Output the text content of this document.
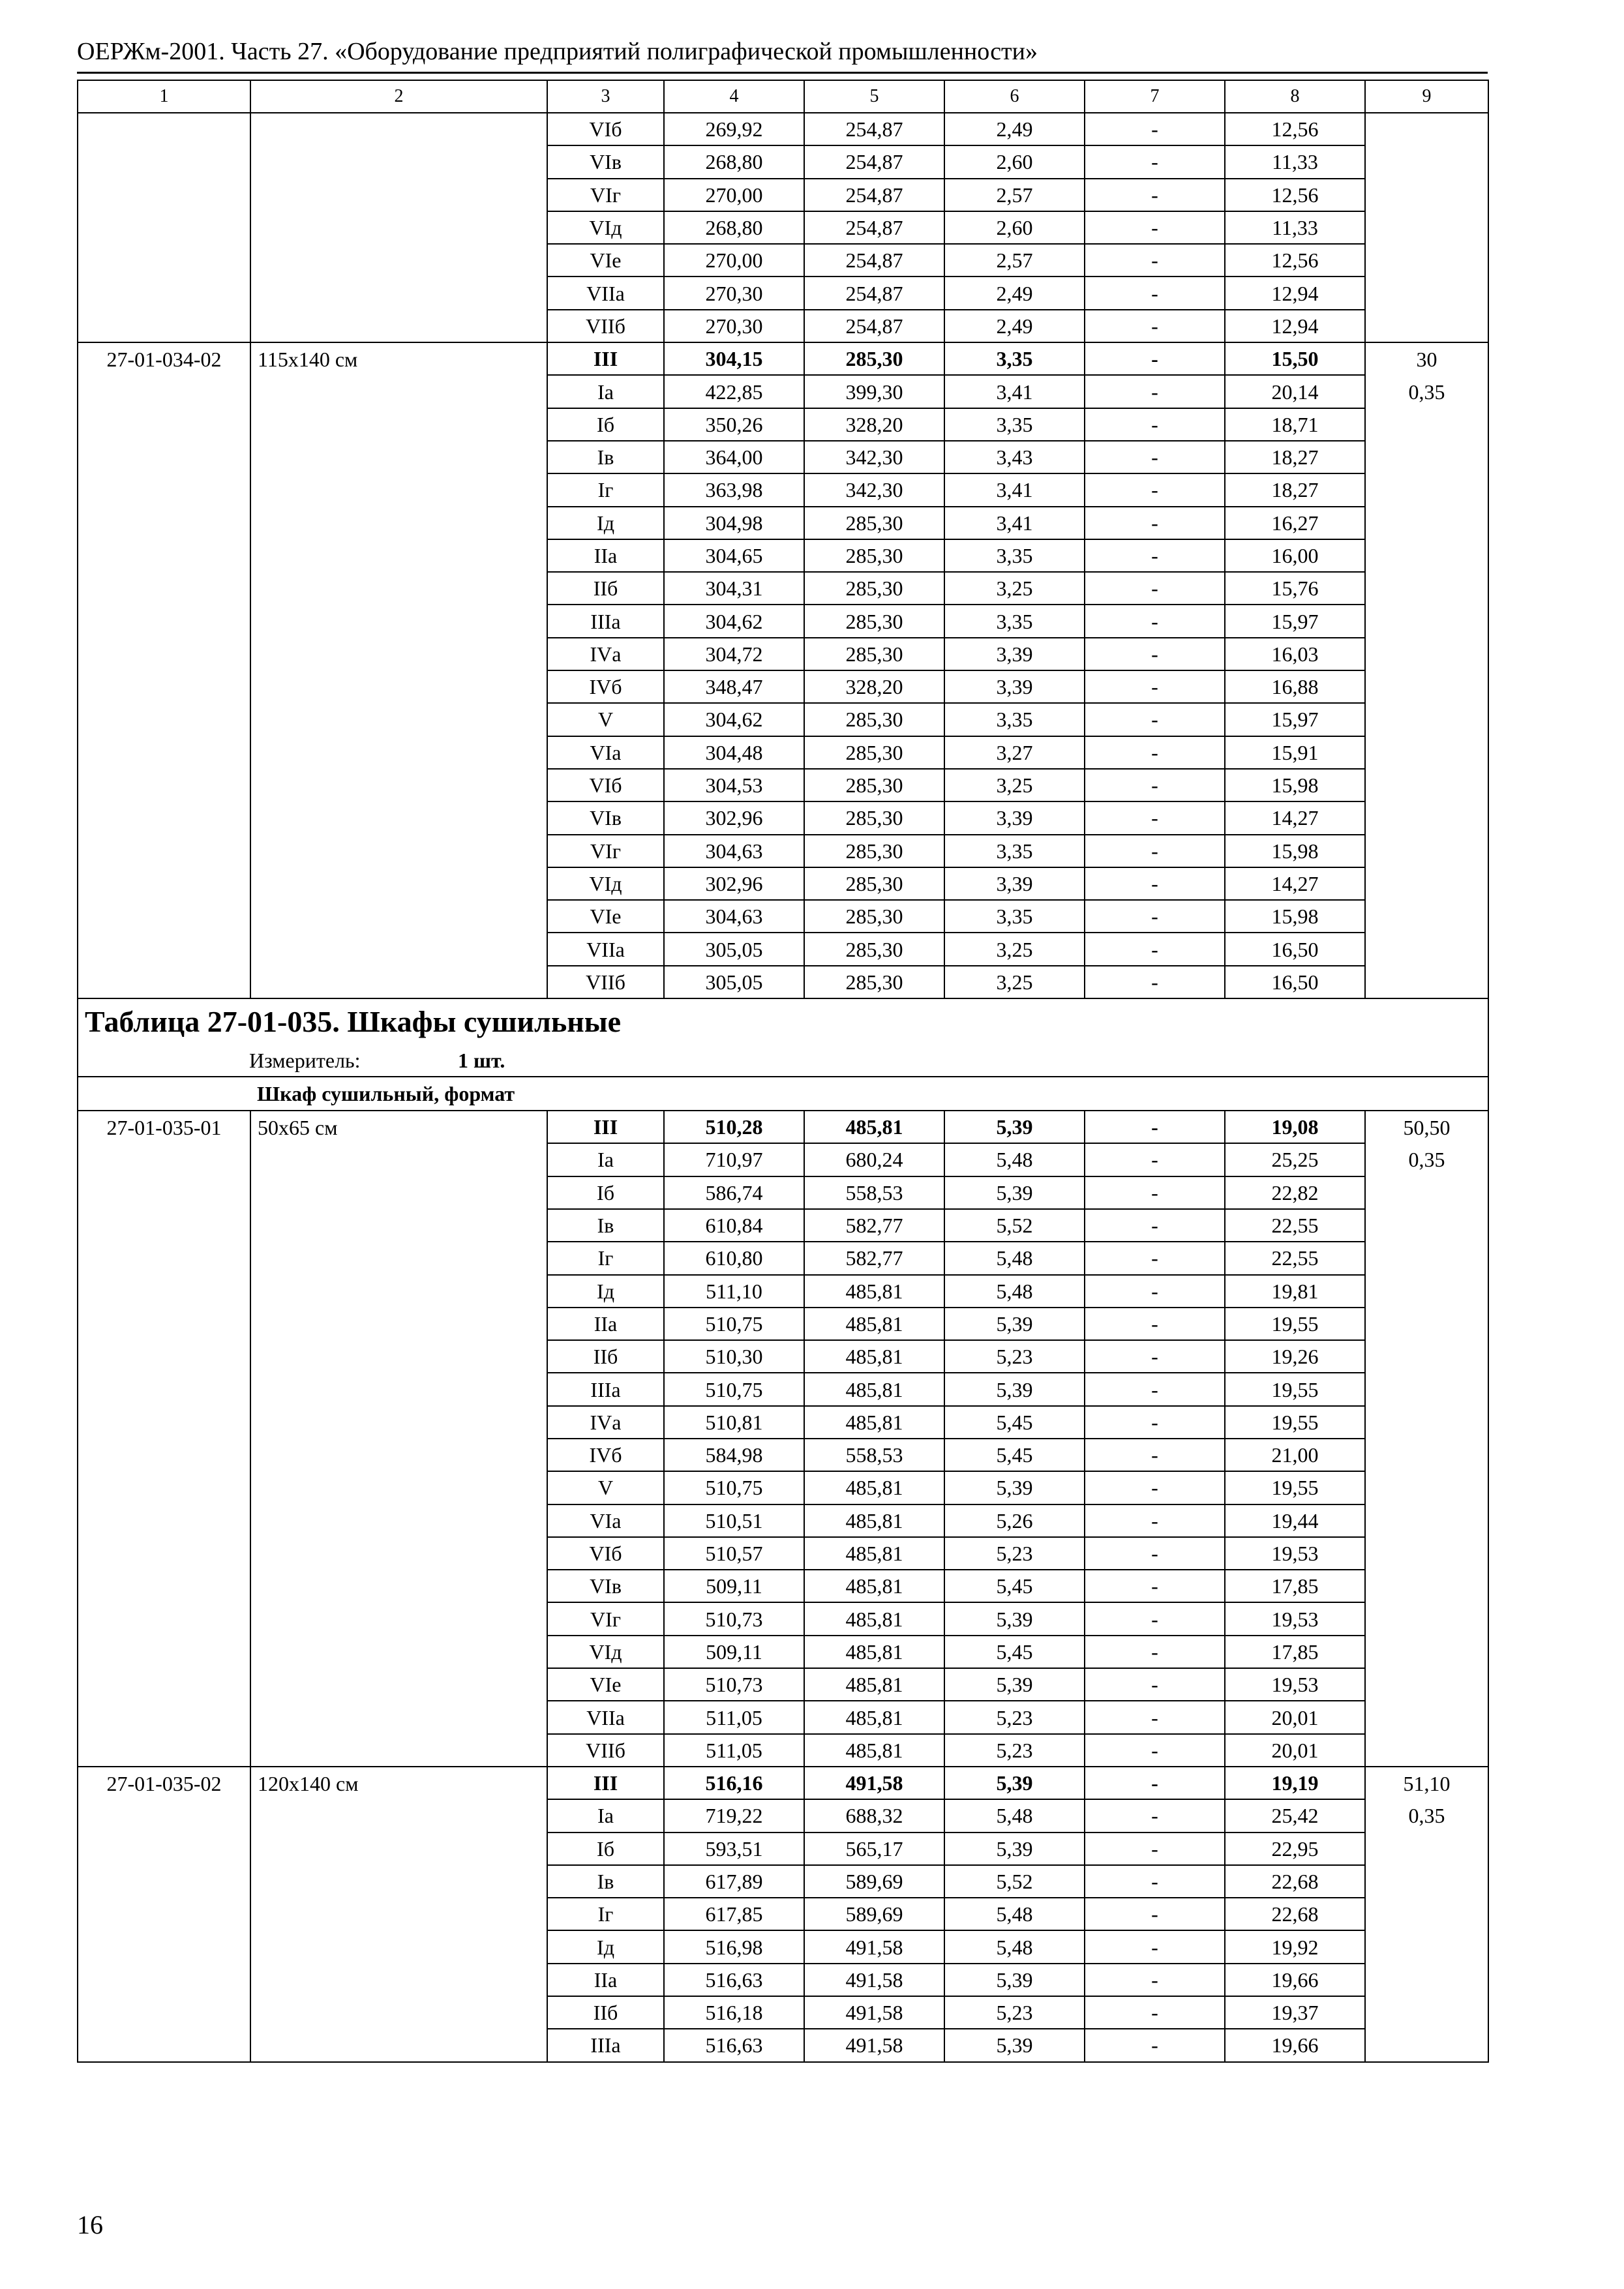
ОЕРЖм-2001. Часть 27. «Оборудование предприятий полиграфической промышленности»
1	2	3	4	5	6	7	8	9
		VIб	269,92	254,87	2,49	-	12,56	
		VIв	268,80	254,87	2,60	-	11,33	
		VIг	270,00	254,87	2,57	-	12,56	
		VIд	268,80	254,87	2,60	-	11,33	
		VIе	270,00	254,87	2,57	-	12,56	
		VIIа	270,30	254,87	2,49	-	12,94	
		VIIб	270,30	254,87	2,49	-	12,94	
27-01-034-02	115х140 см	III	304,15	285,30	3,35	-	15,50	30
		Iа	422,85	399,30	3,41	-	20,14	0,35
		Iб	350,26	328,20	3,35	-	18,71	
		Iв	364,00	342,30	3,43	-	18,27	
		Iг	363,98	342,30	3,41	-	18,27	
		Iд	304,98	285,30	3,41	-	16,27	
		IIа	304,65	285,30	3,35	-	16,00	
		IIб	304,31	285,30	3,25	-	15,76	
		IIIа	304,62	285,30	3,35	-	15,97	
		IVа	304,72	285,30	3,39	-	16,03	
		IVб	348,47	328,20	3,39	-	16,88	
		V	304,62	285,30	3,35	-	15,97	
		VIа	304,48	285,30	3,27	-	15,91	
		VIб	304,53	285,30	3,25	-	15,98	
		VIв	302,96	285,30	3,39	-	14,27	
		VIг	304,63	285,30	3,35	-	15,98	
		VIд	302,96	285,30	3,39	-	14,27	
		VIе	304,63	285,30	3,35	-	15,98	
		VIIа	305,05	285,30	3,25	-	16,50	
		VIIб	305,05	285,30	3,25	-	16,50	
Таблица 27-01-035. Шкафы сушильные								
Измеритель: 1 шт.								
	Шкаф сушильный, формат							
27-01-035-01	50х65 см	III	510,28	485,81	5,39	-	19,08	50,50
		Iа	710,97	680,24	5,48	-	25,25	0,35
		Iб	586,74	558,53	5,39	-	22,82	
		Iв	610,84	582,77	5,52	-	22,55	
		Iг	610,80	582,77	5,48	-	22,55	
		Iд	511,10	485,81	5,48	-	19,81	
		IIа	510,75	485,81	5,39	-	19,55	
		IIб	510,30	485,81	5,23	-	19,26	
		IIIа	510,75	485,81	5,39	-	19,55	
		IVа	510,81	485,81	5,45	-	19,55	
		IVб	584,98	558,53	5,45	-	21,00	
		V	510,75	485,81	5,39	-	19,55	
		VIа	510,51	485,81	5,26	-	19,44	
		VIб	510,57	485,81	5,23	-	19,53	
		VIв	509,11	485,81	5,45	-	17,85	
		VIг	510,73	485,81	5,39	-	19,53	
		VIд	509,11	485,81	5,45	-	17,85	
		VIе	510,73	485,81	5,39	-	19,53	
		VIIа	511,05	485,81	5,23	-	20,01	
		VIIб	511,05	485,81	5,23	-	20,01	
27-01-035-02	120х140 см	III	516,16	491,58	5,39	-	19,19	51,10
		Iа	719,22	688,32	5,48	-	25,42	0,35
		Iб	593,51	565,17	5,39	-	22,95	
		Iв	617,89	589,69	5,52	-	22,68	
		Iг	617,85	589,69	5,48	-	22,68	
		Iд	516,98	491,58	5,48	-	19,92	
		IIа	516,63	491,58	5,39	-	19,66	
		IIб	516,18	491,58	5,23	-	19,37	
		IIIа	516,63	491,58	5,39	-	19,66	
16
